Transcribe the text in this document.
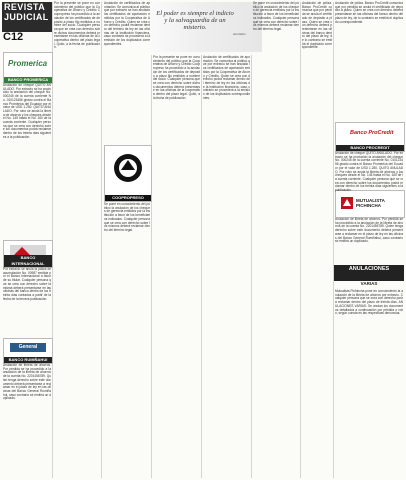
REVISTA
JUDICIAL
C12
El poder es siempre el indicio y la salvaguardia de un misterio.
Anónimo
Promerica
BANCO PROMERICA
COOPROPRESO
BANCO INTERNACIONAL
General
BANCO RUMIÑAHUI
Banco ProCredit
BANCO PROCREDIT
MUTUALISTA PICHINCHA
ANULACIONES
VARIAS
Anulación de cheque QUITO ANULADO. Por extravío se ha producido la anulación del cheque No. 000245 de la cuenta corriente No. 010123456 girado contra el Banco Promerica del Ecuador por el valor de USD 1.250. QUITO ANULADO. Por robo se anula la libreta de ahorros y los cheques desde el No. 145 hasta el No. 160 de la cuenta corriente. Cualquier persona que se crea con derecho sobre los documentos podrá reclamar dentro de los treinta días siguientes a la publicación.
Por extravío se anula la póliza de acumulación No. 00987 emitida por el Banco Internacional a favor de su titular. Cualquier persona que se crea con derecho sobre la misma deberá presentarse en las oficinas del banco dentro de los treinta días contados a partir de la fecha de la tercera publicación.
Anulación de libreta de ahorros. Por pérdida se ha procedido a la anulación de la libreta de ahorros de la cuenta No. 2201456789. Quien tenga derecho sobre este documento deberá presentarse a reclamar en el plazo de ley en las oficinas del Banco General Rumiñahui, caso contrario se emitirá un duplicado.
Por la presente se pone en conocimiento del público que la Cooperativa de Ahorro y Crédito Coopropreso ha procedido a la anulación de los certificados de depósito a plazo fijo emitidos a nombre del socio. Cualquier persona que se crea con derecho sobre dichos documentos deberá presentarse en las oficinas de la cooperativa dentro del plazo legal. Quito, a la fecha de publicación.
Anulación de certificados de aportación. Se comunica al público que por extravío se han anulado los certificados de aportación emitidos por la Cooperativa de Ahorro y Crédito. Quien se crea con derecho podrá reclamar dentro del término de ley en las oficinas de la institución financiera, caso contrario se procederá a la emisión de los duplicados correspondientes.
Se pone en conocimiento del público la anulación de los cheques de gerencia emitidos por la institución a favor de los beneficiarios indicados. Cualquier persona que se crea con derecho sobre los mismos deberá reclamar dentro del término legal.
Por la presente se pone en conocimiento del público que la Cooperativa de Ahorro y Crédito Coopropreso ha procedido a la anulación de los certificados de depósito a plazo fijo emitidos a nombre del socio. Cualquier persona que se crea con derecho sobre dichos documentos deberá presentarse en las oficinas de la cooperativa dentro del plazo legal. Quito, a la fecha de publicación.
Anulación de certificados de aportación. Se comunica al público que por extravío se han anulado los certificados de aportación emitidos por la Cooperativa de Ahorro y Crédito. Quien se crea con derecho podrá reclamar dentro del término de ley en las oficinas de la institución financiera, caso contrario se procederá a la emisión de los duplicados correspondientes.
Se pone en conocimiento del público la anulación de los cheques de gerencia emitidos por la institución a favor de los beneficiarios indicados. Cualquier persona que se crea con derecho sobre los mismos deberá reclamar dentro del término legal.
Anulación de póliza. Banco ProCredit comunica que por pérdida se anula el certificado de depósito a plazo. Quien se crea con derecho deberá presentarse en las oficinas del banco dentro del plazo de ley, de lo contrario se emitirá el duplicado correspondiente.
Anulación de póliza. Banco ProCredit comunica que por pérdida se anula el certificado de depósito a plazo. Quien se crea con derecho deberá presentarse en las oficinas del banco dentro del plazo de ley, de lo contrario se emitirá el duplicado correspondiente.
Anulación de cheque QUITO ANULADO. Por extravío se ha producido la anulación del cheque No. 000245 de la cuenta corriente No. 010123456 girado contra el Banco Promerica del Ecuador por el valor de USD 1.250. QUITO ANULADO. Por robo se anula la libreta de ahorros y los cheques desde el No. 145 hasta el No. 160 de la cuenta corriente. Cualquier persona que se crea con derecho sobre los documentos podrá reclamar dentro de los treinta días siguientes a la publicación.
Anulación de libreta de ahorros. Por pérdida se ha procedido a la anulación de la libreta de ahorros de la cuenta No. 2201456789. Quien tenga derecho sobre este documento deberá presentarse a reclamar en el plazo de ley en las oficinas del Banco General Rumiñahui, caso contrario se emitirá un duplicado.
Mutualista Pichincha pone en conocimiento la anulación de la libreta de ahorros por extravío. Cualquier persona que se crea con derecho podrá reclamar dentro del plazo de treinta días. ANULACIONES VARIAS: Se anulan los documentos detallados a continuación por pérdida o robo, según consta en las respectivas denuncias.
